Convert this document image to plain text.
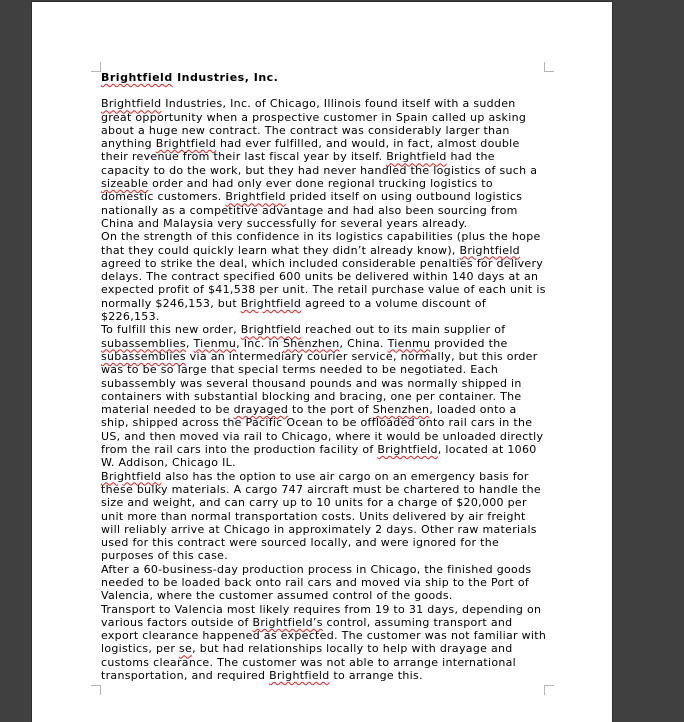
Brightfield Industries, Inc.

Brightfield Industries, Inc. of Chicago, Illinois found itself with a sudden great opportunity when a prospective customer in Spain called up asking about a huge new contract. The contract was considerably larger than anything Brightfield had ever fulfilled, and would, in fact, almost double their revenue from their last fiscal year by itself. Brightfield had the capacity to do the work, but they had never handled the logistics of such a sizeable order and had only ever done regional trucking logistics to domestic customers. Brightfield prided itself on using outbound logistics nationally as a competitive advantage and had also been sourcing from China and Malaysia very successfully for several years already.

On the strength of this confidence in its logistics capabilities (plus the hope that they could quickly learn what they didn’t already know), Brightfield agreed to strike the deal, which included considerable penalties for delivery delays. The contract specified 600 units be delivered within 140 days at an expected profit of $41,538 per unit. The retail purchase value of each unit is normally $246,153, but Brightfield agreed to a volume discount of $226,153.

To fulfill this new order, Brightfield reached out to its main supplier of subassemblies, Tienmu, Inc. in Shenzhen, China. Tienmu provided the subassemblies via an intermediary courier service, normally, but this order was to be so large that special terms needed to be negotiated. Each subassembly was several thousand pounds and was normally shipped in containers with substantial blocking and bracing, one per container. The material needed to be drayaged to the port of Shenzhen, loaded onto a ship, shipped across the Pacific Ocean to be offloaded onto rail cars in the US, and then moved via rail to Chicago, where it would be unloaded directly from the rail cars into the production facility of Brightfield, located at 1060 W. Addison, Chicago IL.

Brightfield also has the option to use air cargo on an emergency basis for these bulky materials. A cargo 747 aircraft must be chartered to handle the size and weight, and can carry up to 10 units for a charge of $20,000 per unit more than normal transportation costs. Units delivered by air freight will reliably arrive at Chicago in approximately 2 days. Other raw materials used for this contract were sourced locally, and were ignored for the purposes of this case.

After a 60-business-day production process in Chicago, the finished goods needed to be loaded back onto rail cars and moved via ship to the Port of Valencia, where the customer assumed control of the goods.

Transport to Valencia most likely requires from 19 to 31 days, depending on various factors outside of Brightfield’s control, assuming transport and export clearance happened as expected. The customer was not familiar with logistics, per se, but had relationships locally to help with drayage and customs clearance. The customer was not able to arrange international transportation, and required Brightfield to arrange this.
